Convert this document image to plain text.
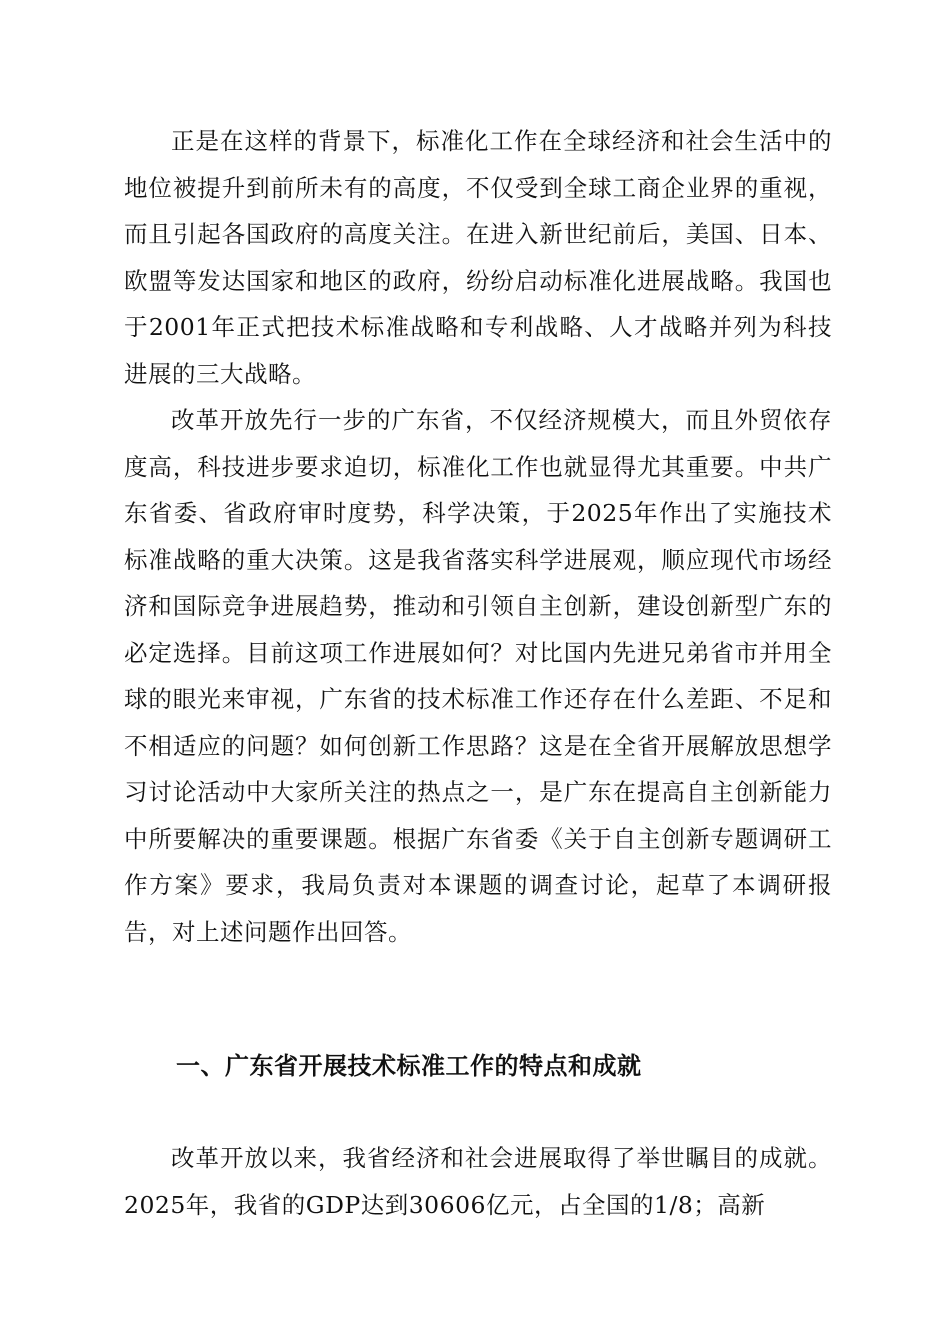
正是在这样的背景下，标准化工作在全球经济和社会生活中的地位被提升到前所未有的高度，不仅受到全球工商企业界的重视，而且引起各国政府的高度关注。在进入新世纪前后，美国、日本、欧盟等发达国家和地区的政府，纷纷启动标准化进展战略。我国也于2001年正式把技术标准战略和专利战略、人才战略并列为科技进展的三大战略。

改革开放先行一步的广东省，不仅经济规模大，而且外贸依存度高，科技进步要求迫切，标准化工作也就显得尤其重要。中共广东省委、省政府审时度势，科学决策，于2025年作出了实施技术标准战略的重大决策。这是我省落实科学进展观，顺应现代市场经济和国际竞争进展趋势，推动和引领自主创新，建设创新型广东的必定选择。目前这项工作进展如何？对比国内先进兄弟省市并用全球的眼光来审视，广东省的技术标准工作还存在什么差距、不足和不相适应的问题？如何创新工作思路？这是在全省开展解放思想学习讨论活动中大家所关注的热点之一，是广东在提高自主创新能力中所要解决的重要课题。根据广东省委《关于自主创新专题调研工作方案》要求，我局负责对本课题的调查讨论，起草了本调研报告，对上述问题作出回答。

一、广东省开展技术标准工作的特点和成就

改革开放以来，我省经济和社会进展取得了举世瞩目的成就。2025年，我省的GDP达到30606亿元，占全国的1/8；高新
